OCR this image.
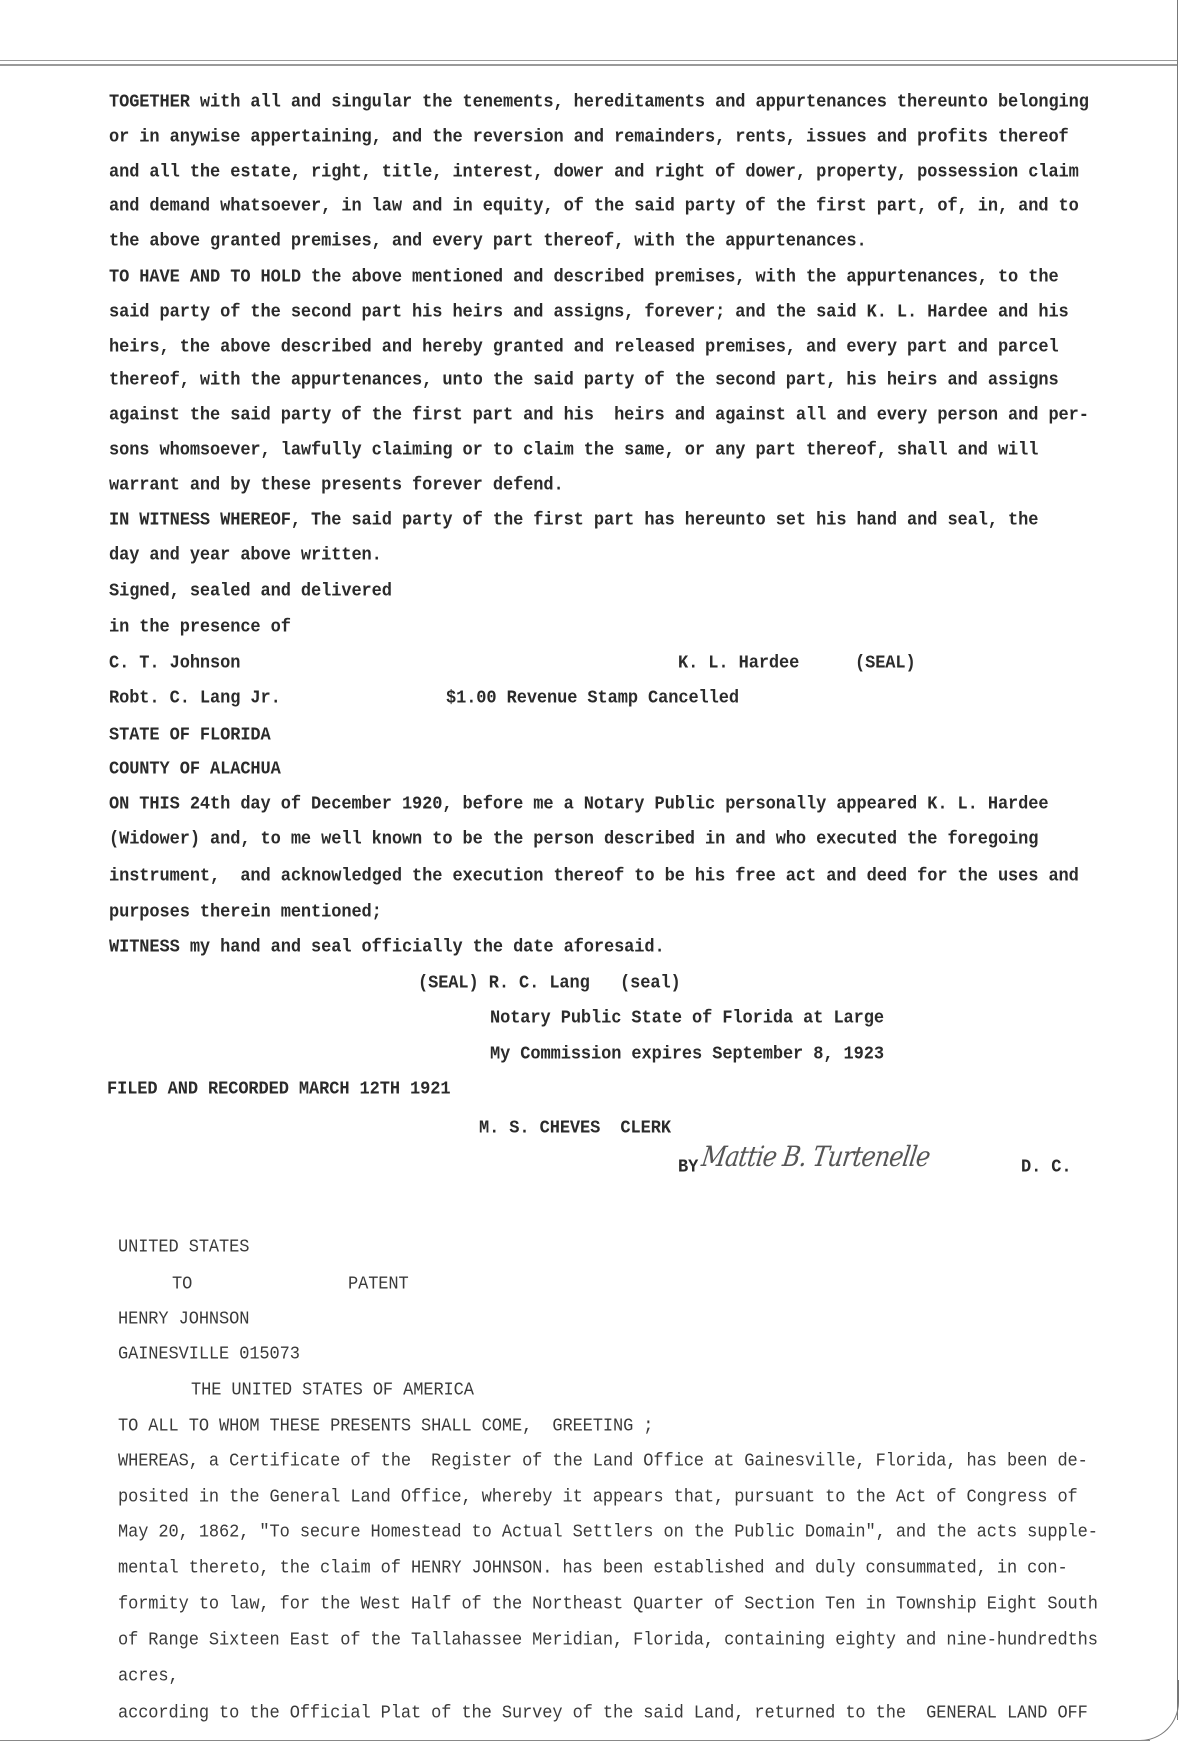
TOGETHER with all and singular the tenements, hereditaments and appurtenances thereunto belonging
or in anywise appertaining, and the reversion and remainders, rents, issues and profits thereof
and all the estate, right, title, interest, dower and right of dower, property, possession claim
and demand whatsoever, in law and in equity, of the said party of the first part, of, in, and to
the above granted premises, and every part thereof, with the appurtenances.
TO HAVE AND TO HOLD the above mentioned and described premises, with the appurtenances, to the
said party of the second part his heirs and assigns, forever; and the said K. L. Hardee and his
heirs, the above described and hereby granted and released premises, and every part and parcel
thereof, with the appurtenances, unto the said party of the second part, his heirs and assigns
against the said party of the first part and his  heirs and against all and every person and per-
sons whomsoever, lawfully claiming or to claim the same, or any part thereof, shall and will
warrant and by these presents forever defend.
IN WITNESS WHEREOF, The said party of the first part has hereunto set his hand and seal, the
day and year above written.
Signed, sealed and delivered
in the presence of
C. T. Johnson	K. L. Hardee	(SEAL)
Robt. C. Lang Jr.	$1.00 Revenue Stamp Cancelled
STATE OF FLORIDA
COUNTY OF ALACHUA
ON THIS 24th day of December 1920, before me a Notary Public personally appeared K. L. Hardee
(Widower) and, to me well known to be the person described in and who executed the foregoing
instrument,  and acknowledged the execution thereof to be his free act and deed for the uses and
purposes therein mentioned;
WITNESS my hand and seal officially the date aforesaid.
(SEAL) R. C. Lang   (seal)
Notary Public State of Florida at Large
My Commission expires September 8, 1923
FILED AND RECORDED MARCH 12TH 1921
M. S. CHEVES  CLERK
BY Mattie B. Turtenelle	D. C.
UNITED STATES
TO	PATENT
HENRY JOHNSON
GAINESVILLE 015073
THE UNITED STATES OF AMERICA
TO ALL TO WHOM THESE PRESENTS SHALL COME,  GREETING ;
WHEREAS, a Certificate of the  Register of the Land Office at Gainesville, Florida, has been de-
posited in the General Land Office, whereby it appears that, pursuant to the Act of Congress of
May 20, 1862, "To secure Homestead to Actual Settlers on the Public Domain", and the acts supple-
mental thereto, the claim of HENRY JOHNSON. has been established and duly consummated, in con-
formity to law, for the West Half of the Northeast Quarter of Section Ten in Township Eight South
of Range Sixteen East of the Tallahassee Meridian, Florida, containing eighty and nine-hundredths
acres,
according to the Official Plat of the Survey of the said Land, returned to the  GENERAL LAND OFF
